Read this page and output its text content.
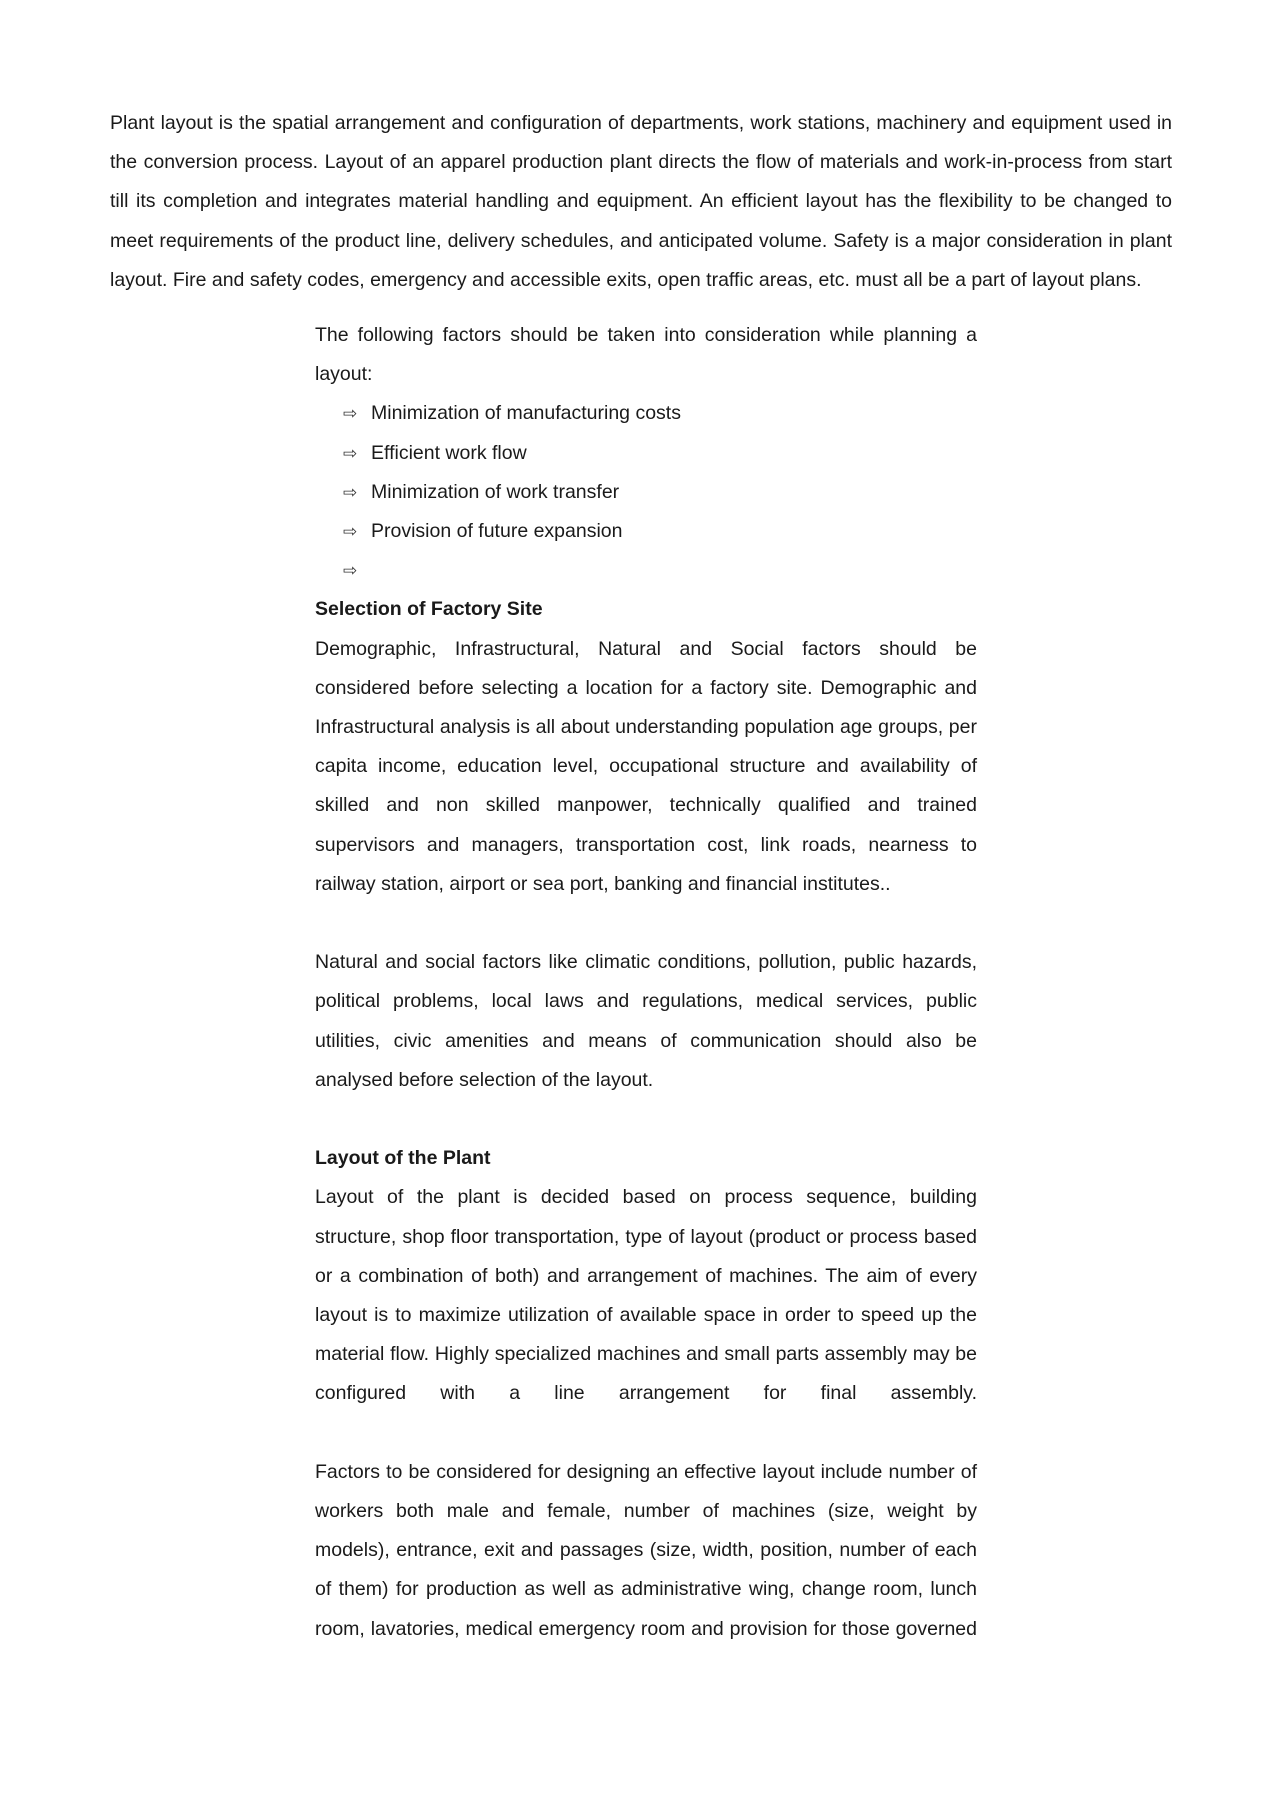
Plant layout is the spatial arrangement and configuration of departments, work stations, machinery and equipment used in the conversion process. Layout of an apparel production plant directs the flow of materials and work-in-process from start till its completion and integrates material handling and equipment. An efficient layout has the flexibility to be changed to meet requirements of the product line, delivery schedules, and anticipated volume. Safety is a major consideration in plant layout. Fire and safety codes, emergency and accessible exits, open traffic areas, etc. must all be a part of layout plans.

The following factors should be taken into consideration while planning a layout:

⇨ Minimization of manufacturing costs
⇨ Efficient work flow
⇨ Minimization of work transfer
⇨ Provision of future expansion
⇨

Selection of Factory Site

Demographic, Infrastructural, Natural and Social factors should be considered before selecting a location for a factory site. Demographic and Infrastructural analysis is all about understanding population age groups, per capita income, education level, occupational structure and availability of skilled and non skilled manpower, technically qualified and trained supervisors and managers, transportation cost, link roads, nearness to railway station, airport or sea port, banking and financial institutes..

Natural and social factors like climatic conditions, pollution, public hazards, political problems, local laws and regulations, medical services, public utilities, civic amenities and means of communication should also be analysed before selection of the layout.

Layout of the Plant

Layout of the plant is decided based on process sequence, building structure, shop floor transportation, type of layout (product or process based or a combination of both) and arrangement of machines. The aim of every layout is to maximize utilization of available space in order to speed up the material flow. Highly specialized machines and small parts assembly may be configured with a line arrangement for final assembly.

Factors to be considered for designing an effective layout include number of workers both male and female, number of machines (size, weight by models), entrance, exit and passages (size, width, position, number of each of them) for production as well as administrative wing, change room, lunch room, lavatories, medical emergency room and provision for those governed
